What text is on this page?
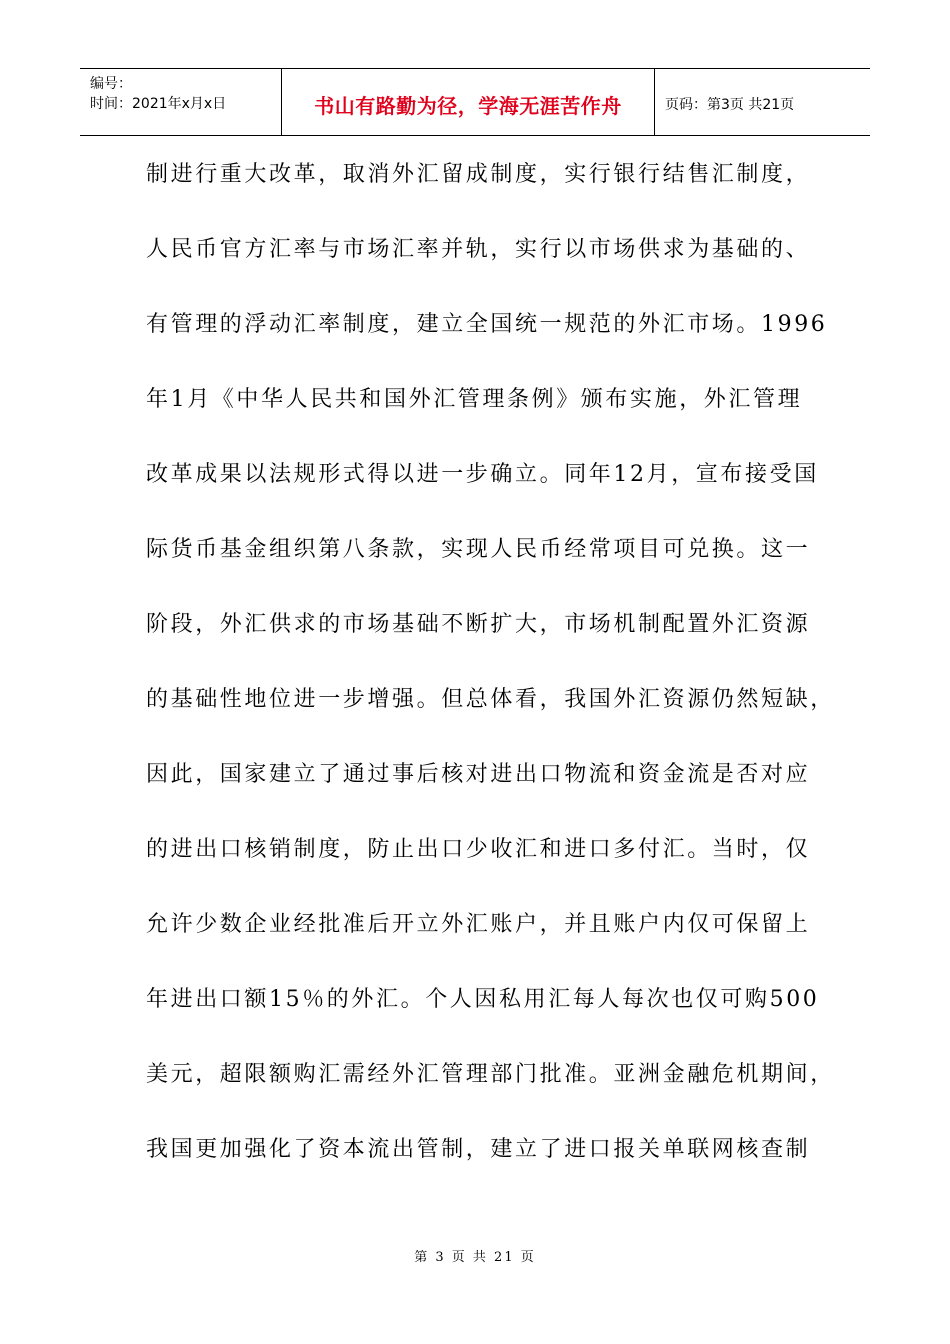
编号：
时间：2021年x月x日	书山有路勤为径，学海无涯苦作舟	页码：第3页 共21页
制进行重大改革，取消外汇留成制度，实行银行结售汇制度，
人民币官方汇率与市场汇率并轨，实行以市场供求为基础的、
有管理的浮动汇率制度，建立全国统一规范的外汇市场。1996
年1月《中华人民共和国外汇管理条例》颁布实施，外汇管理
改革成果以法规形式得以进一步确立。同年12月，宣布接受国
际货币基金组织第八条款，实现人民币经常项目可兑换。这一
阶段，外汇供求的市场基础不断扩大，市场机制配置外汇资源
的基础性地位进一步增强。但总体看，我国外汇资源仍然短缺，
因此，国家建立了通过事后核对进出口物流和资金流是否对应
的进出口核销制度，防止出口少收汇和进口多付汇。当时，仅
允许少数企业经批准后开立外汇账户，并且账户内仅可保留上
年进出口额15％的外汇。个人因私用汇每人每次也仅可购500
美元，超限额购汇需经外汇管理部门批准。亚洲金融危机期间，
我国更加强化了资本流出管制，建立了进口报关单联网核查制
第 3 页 共 21 页
